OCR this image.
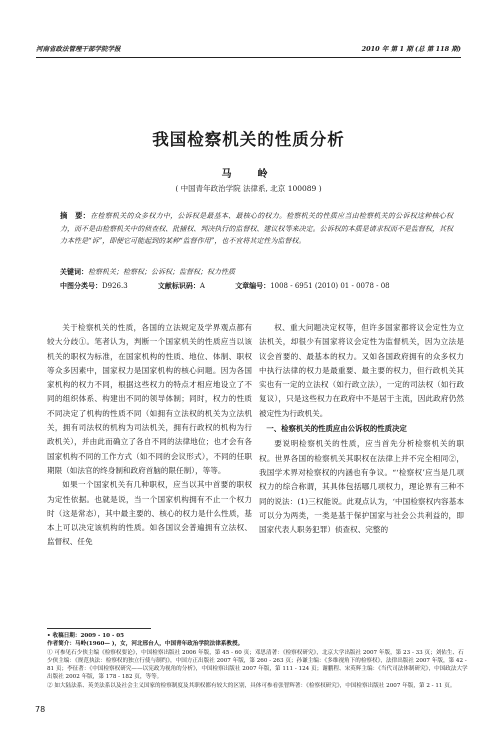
河南省政法管理干部学院学报	2010 年 第 1 期 (总 第 118 期)
我国检察机关的性质分析
马　岭
( 中国青年政治学院 法律系, 北京 100089 )
摘　要：在检察机关的众多权力中，公诉权是最基本、最核心的权力。检察机关的性质应当由检察机关的公诉权这种核心权力，而不是由检察机关中的侦查权、批捕权、判决执行的监督权、建议权等来决定。公诉权的本质是请求权而不是监督权，其权力本性是“诉”，即便它可能起到的某种“监督作用”，也不宜将其定性为监督权。
关键词：检察机关；检察权；公诉权；监督权；权力性质
中图分类号：D926.3	文献标识码：A	文章编号：1008 - 6951 (2010) 01 - 0078 - 08

关于检察机关的性质，各国的立法规定及学界观点都有较大分歧①。笔者认为，判断一个国家机关的性质应当以该机关的职权为标准，在国家机构的性质、地位、体制、职权等众多因素中，国家权力是国家机构的核心问题。因为各国家机构的权力不同，根据这些权力的特点才相应地设立了不同的组织体系、构建出不同的领导体制；同时，权力的性质不同决定了机构的性质不同（如拥有立法权的机关为立法机关，拥有司法权的机构为司法机关，拥有行政权的机构为行政机关），并由此而确立了各自不同的法律地位；也才会有各国家机构不同的工作方式（如不同的会议形式），不同的任职期限（如法官的终身制和政府首脑的限任制），等等。

如果一个国家机关有几种职权，应当以其中首要的职权为定性依据。也就是说，当一个国家机构拥有不止一个权力时（这是常态），其中最主要的、核心的权力是什么性质，基本上可以决定该机构的性质。如各国议会普遍拥有立法权、监督权、任免

权、重大问题决定权等，但许多国家都将议会定性为立法机关，却很少有国家将议会定性为监督机关，因为立法是议会首要的、最基本的权力。又如各国政府拥有的众多权力中执行法律的权力是最重要、最主要的权力，但行政机关其实也有一定的立法权（如行政立法），一定的司法权（如行政复议），只是这些权力在政府中不是居于主流，因此政府仍然被定性为行政机关。

一、检察机关的性质应由公诉权的性质决定

要说明检察机关的性质，应当首先分析检察机关的职权。世界各国的检察机关其职权在法律上并不完全相同②，我国学术界对检察权的内涵也有争议。“‘检察权’应当是几项权力的综合称谓，其具体包括哪几项权力，理论界有三种不同的说法：(1)三权能说。此观点认为，‘中国检察权内容基本可以分为两类，一类是基于保护国家与社会公共利益的，即国家代表人职务犯罪）侦查权、完整的

• 收稿日期：2009 - 10 - 05

作者简介：马岭(1960— )，女，河北邢台人，中国青年政治学院法律系教授。

① 可参见石少侠主编《检察权要论》，中国检察出版社 2006 年版，第 45 - 60 页；邓思清著：《检察权研究》，北京大学出版社 2007 年版，第 23 - 33 页；刘佑生、石少侠主编：《规范执法：检察权的独立行使与制约》，中国方正出版社 2007 年版，第 260 - 263 页；孙谦主编：《多维视角下的检察权》，法律出版社 2007 年版，第 42 - 81 页；李征著：《中国检察权研究——以宪政为视角的分析》，中国检察出版社 2007 年版，第 111 - 124 页；谢鹏程、宋英辉主编：《当代司法体制研究》，中国政法大学出版社 2002 年版，第 178 - 182 页，等等。

② 如大陆法系、英美法系以及社会主义国家的检察制度及其职权都有较大的区别，具体可参看张智辉著：《检察权研究》，中国检察出版社 2007 年版，第 2 - 11 页。

78
